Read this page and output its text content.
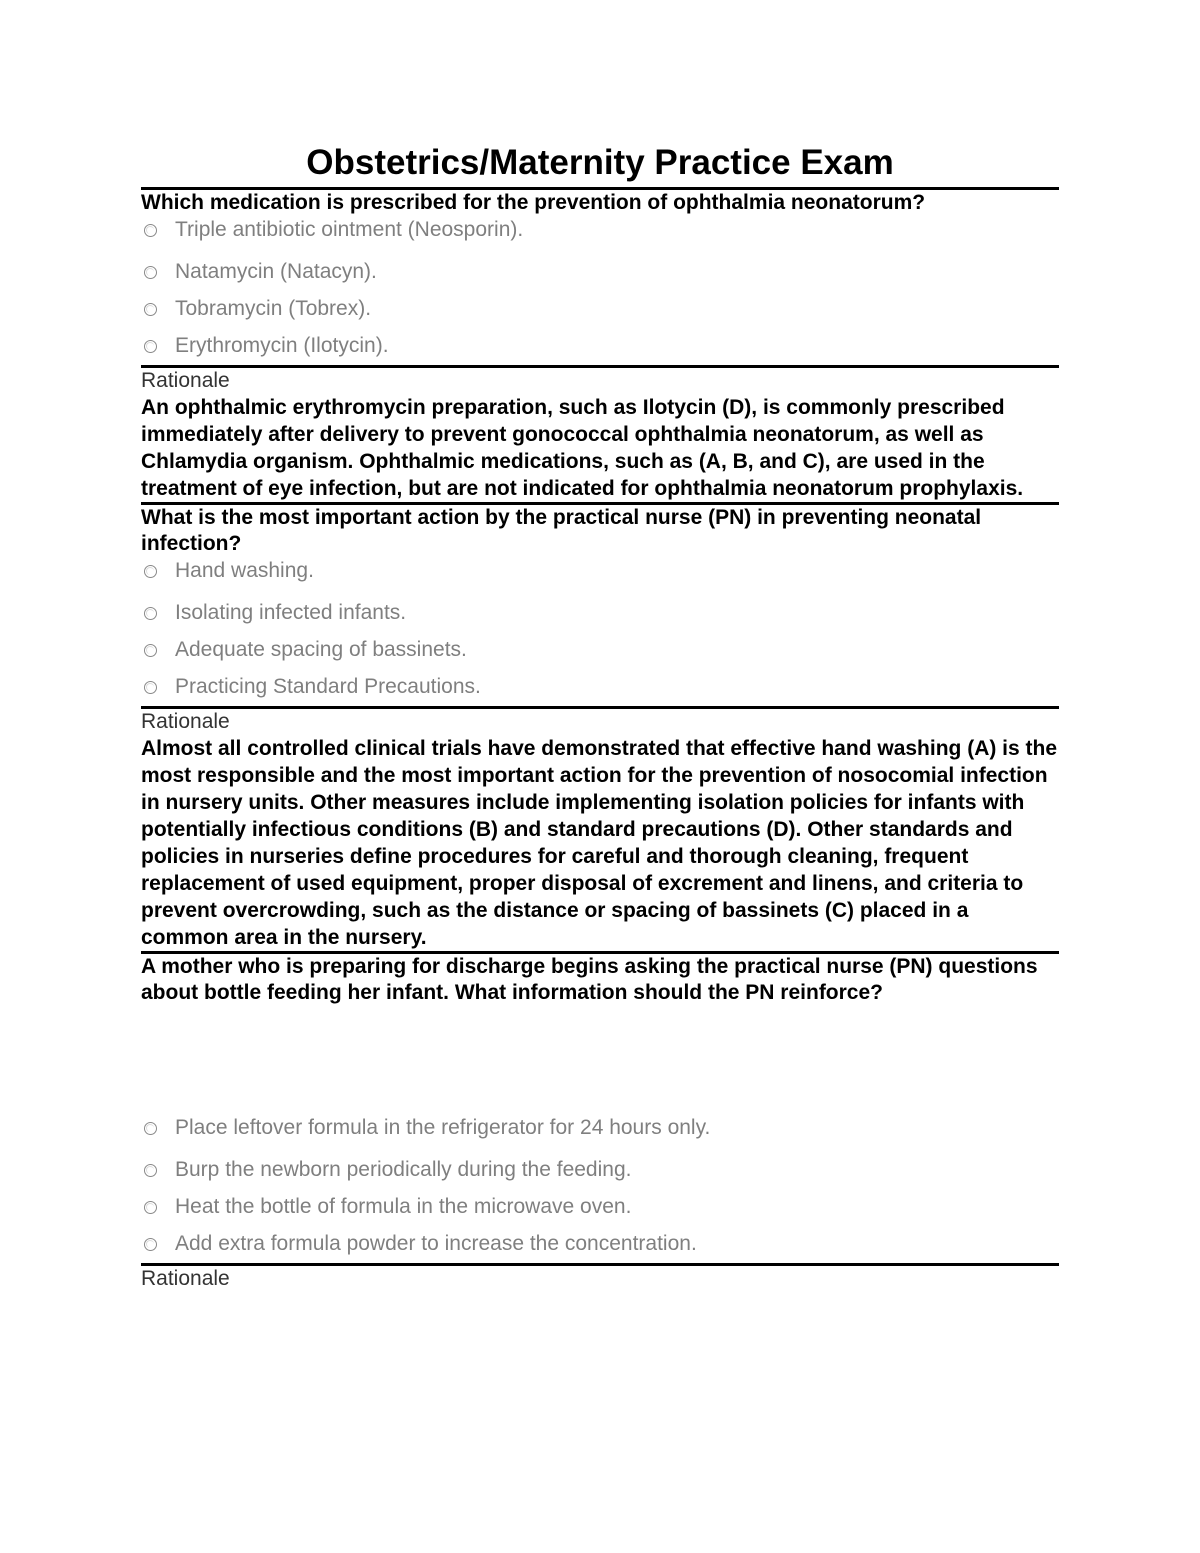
Obstetrics/Maternity Practice Exam

Which medication is prescribed for the prevention of ophthalmia neonatorum?

Triple antibiotic ointment (Neosporin).
Natamycin (Natacyn).
Tobramycin (Tobrex).
Erythromycin (Ilotycin).

Rationale

An ophthalmic erythromycin preparation, such as Ilotycin (D), is commonly prescribed immediately after delivery to prevent gonococcal ophthalmia neonatorum, as well as Chlamydia organism. Ophthalmic medications, such as (A, B, and C), are used in the treatment of eye infection, but are not indicated for ophthalmia neonatorum prophylaxis.

What is the most important action by the practical nurse (PN) in preventing neonatal infection?

Hand washing.
Isolating infected infants.
Adequate spacing of bassinets.
Practicing Standard Precautions.

Rationale

Almost all controlled clinical trials have demonstrated that effective hand washing (A) is the most responsible and the most important action for the prevention of nosocomial infection in nursery units. Other measures include implementing isolation policies for infants with potentially infectious conditions (B) and standard precautions (D). Other standards and policies in nurseries define procedures for careful and thorough cleaning, frequent replacement of used equipment, proper disposal of excrement and linens, and criteria to prevent overcrowding, such as the distance or spacing of bassinets (C) placed in a common area in the nursery.

A mother who is preparing for discharge begins asking the practical nurse (PN) questions about bottle feeding her infant. What information should the PN reinforce?

Place leftover formula in the refrigerator for 24 hours only.
Burp the newborn periodically during the feeding.
Heat the bottle of formula in the microwave oven.
Add extra formula powder to increase the concentration.

Rationale
